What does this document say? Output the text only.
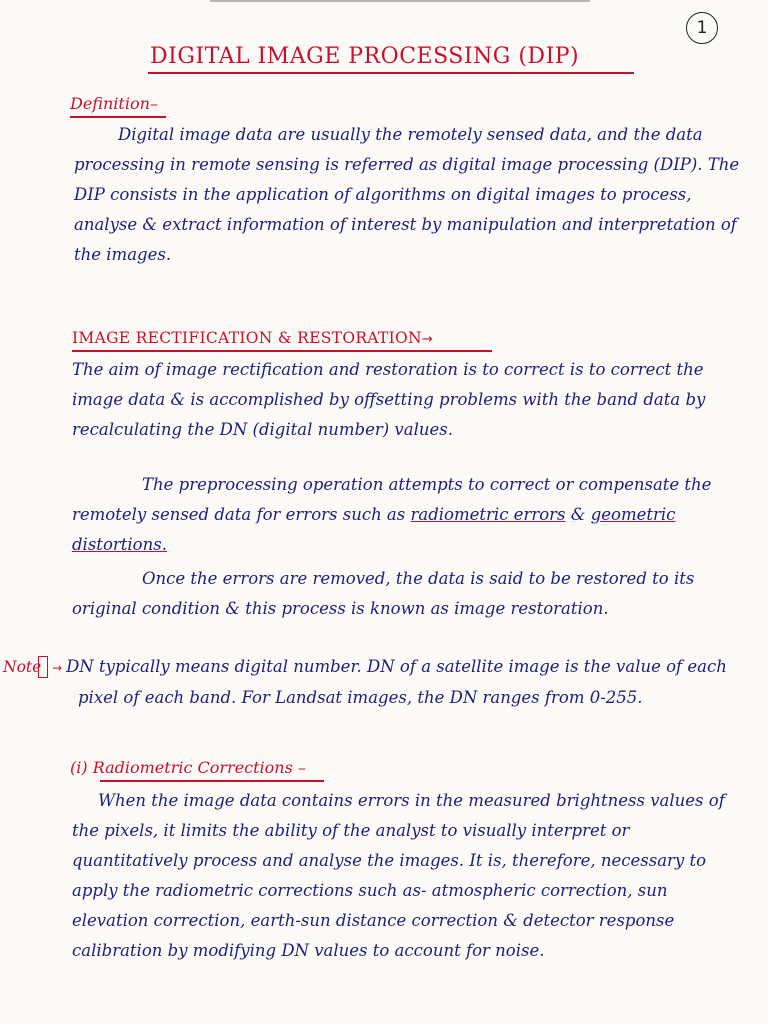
1
DIGITAL IMAGE PROCESSING (DIP)
Definition–

Digital image data are usually the remotely sensed data, and the data processing in remote sensing is referred as digital image processing (DIP). The DIP consists in the application of algorithms on digital images to process, analyse & extract information of interest by manipulation and interpretation of the images.

IMAGE RECTIFICATION & RESTORATION→

The aim of image rectification and restoration is to correct is to correct the image data & is accomplished by offsetting problems with the band data by recalculating the DN (digital number) values.

The preprocessing operation attempts to correct or compensate the remotely sensed data for errors such as radiometric errors & geometric distortions.

Once the errors are removed, the data is said to be restored to its original condition & this process is known as image restoration.

Note → DN typically means digital number. DN of a satellite image is the value of each pixel of each band. For Landsat images, the DN ranges from 0-255.

(i) Radiometric Corrections –

When the image data contains errors in the measured brightness values of the pixels, it limits the ability of the analyst to visually interpret or quantitatively process and analyse the images. It is, therefore, necessary to apply the radiometric corrections such as- atmospheric correction, sun elevation correction, earth-sun distance correction & detector response calibration by modifying DN values to account for noise.
